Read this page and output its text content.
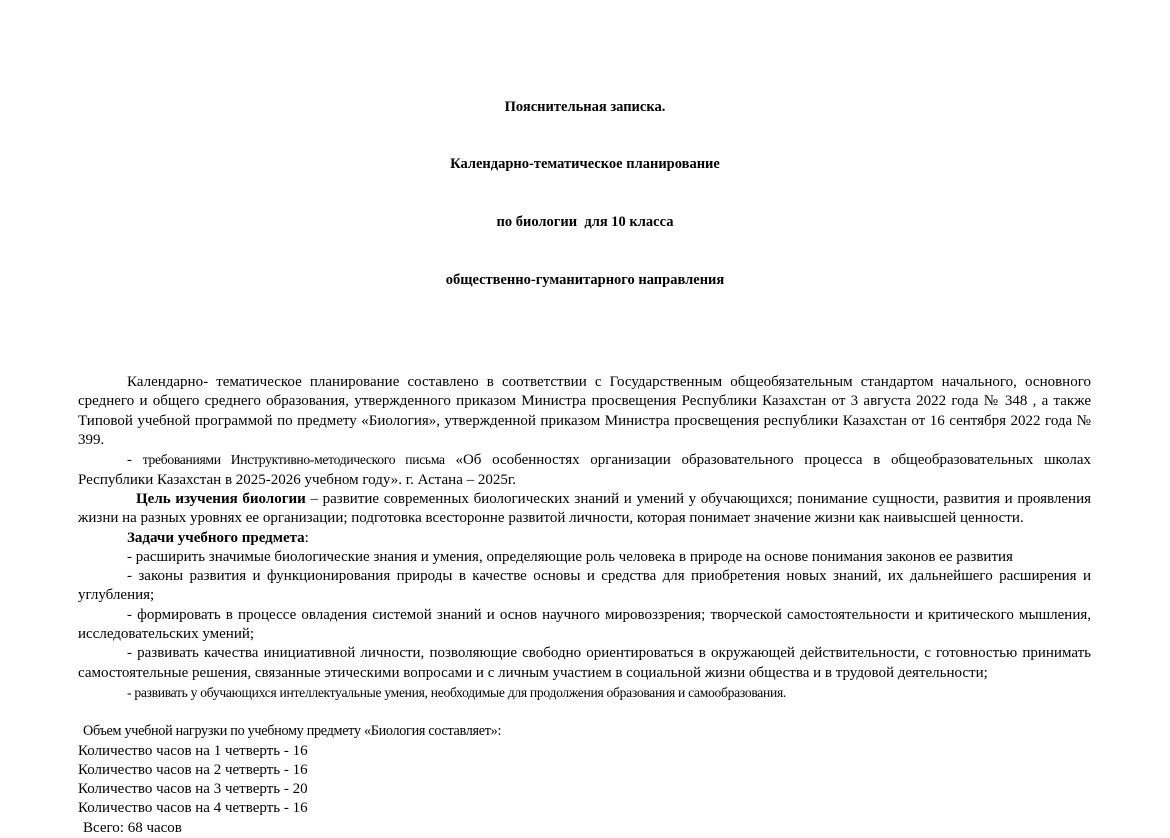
Пояснительная записка.

Календарно-тематическое планирование

по биологии  для 10 класса

общественно-гуманитарного направления

Календарно- тематическое планирование составлено в соответствии с Государственным общеобязательным стандартом начального, основного среднего и общего среднего образования, утвержденного приказом Министра просвещения Республики Казахстан от 3 августа 2022 года № 348 , а также Типовой учебной программой по предмету «Биология», утвержденной приказом Министра просвещения республики Казахстан от 16 сентября 2022 года № 399.

- требованиями Инструктивно-методического письма «Об особенностях организации образовательного процесса в общеобразовательных школах Республики Казахстан в 2025-2026 учебном году». г. Астана – 2025г.

Цель изучения биологии – развитие современных биологических знаний и умений у обучающихся; понимание сущности, развития и проявления жизни на разных уровнях ее организации; подготовка всесторонне развитой личности, которая понимает значение жизни как наивысшей ценности.

Задачи учебного предмета:

- расширить значимые биологические знания и умения, определяющие роль человека в природе на основе понимания законов ее развития

- законы развития и функционирования природы в качестве основы и средства для приобретения новых знаний, их дальнейшего расширения и углубления;

- формировать в процессе овладения системой знаний и основ научного мировоззрения; творческой самостоятельности и критического мышления, исследовательских умений;

- развивать качества инициативной личности, позволяющие свободно ориентироваться в окружающей действительности, с готовностью принимать самостоятельные решения, связанные этическими вопросами и с личным участием в социальной жизни общества и в трудовой деятельности;

- развивать у обучающихся интеллектуальные умения, необходимые для продолжения образования и самообразования.

Объем учебной нагрузки по учебному предмету «Биология составляет»:

Количество часов на 1 четверть - 16

Количество часов на 2 четверть - 16

Количество часов на 3 четверть - 20

Количество часов на 4 четверть - 16

Всего: 68 часов
